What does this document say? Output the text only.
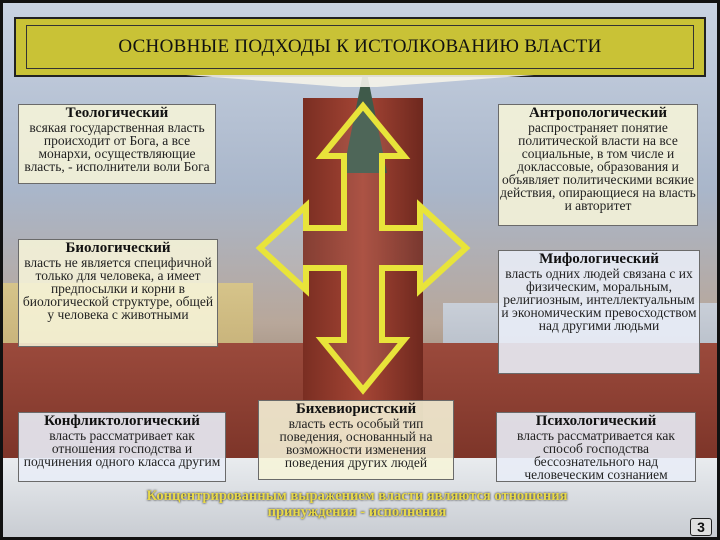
ОСНОВНЫЕ ПОДХОДЫ К ИСТОЛКОВАНИЮ ВЛАСТИ
Теологический
всякая государственная власть происходит от Бога, а все монархи, осуществляющие власть, - исполнители воли Бога
Антропологический
распространяет понятие политической власти на все социальные, в том числе и доклассовые, образования и объявляет политическими всякие действия, опирающиеся на власть и авторитет
Биологический
власть не является специфичной только для человека, а имеет предпосылки и корни в биологической структуре, общей у человека с животными
Мифологический
власть одних людей связана с их физическим, моральным, религиозным, интеллектуальным и экономическим превосходством над другими людьми
Конфликтологический
власть рассматривает как отношения господства и подчинения одного класса другим
Бихевиористский
власть есть особый тип поведения, основанный на возможности изменения поведения других людей
Психологический
власть рассматривается как способ господства бессознательного над человеческим сознанием
Концентрированным выражением власти являются отношения принуждения - исполнения
3
